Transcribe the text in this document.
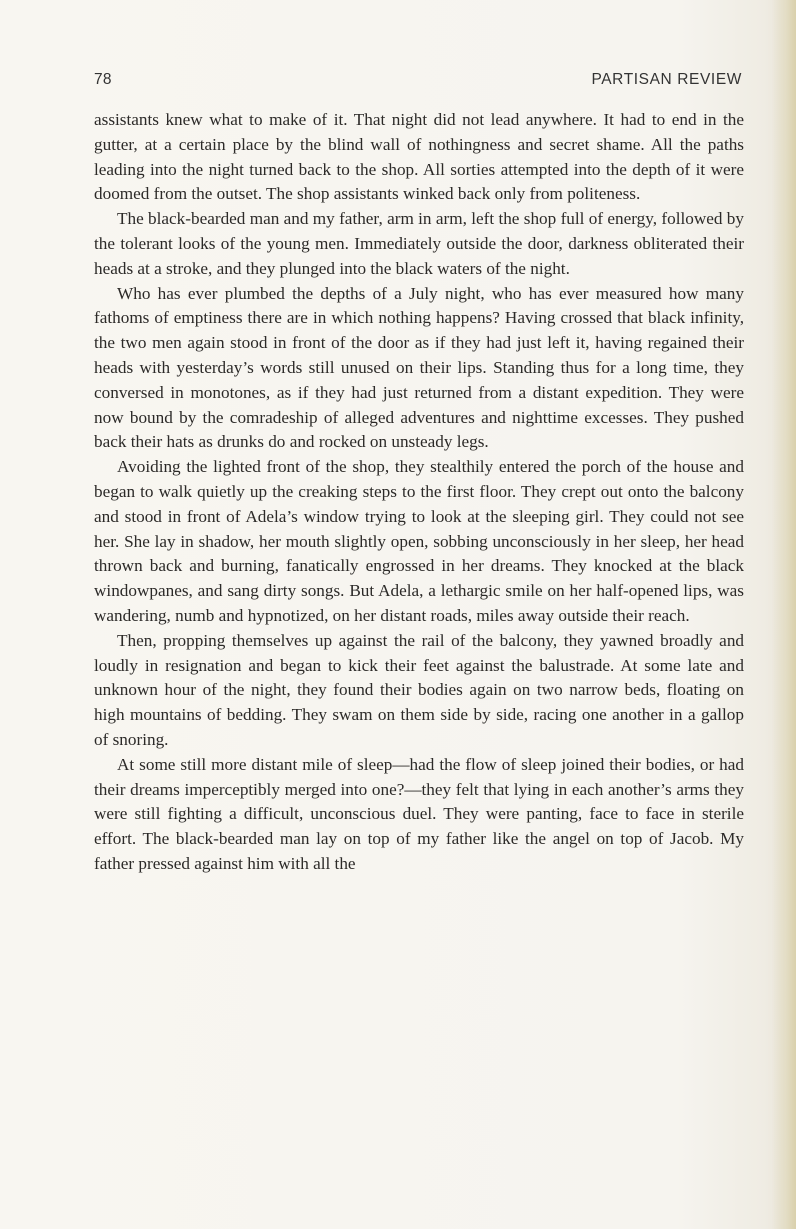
78	PARTISAN REVIEW

assistants knew what to make of it. That night did not lead anywhere. It had to end in the gutter, at a certain place by the blind wall of nothingness and secret shame. All the paths leading into the night turned back to the shop. All sorties attempted into the depth of it were doomed from the outset. The shop assistants winked back only from politeness.

The black-bearded man and my father, arm in arm, left the shop full of energy, followed by the tolerant looks of the young men. Immediately outside the door, darkness obliterated their heads at a stroke, and they plunged into the black waters of the night.

Who has ever plumbed the depths of a July night, who has ever measured how many fathoms of emptiness there are in which nothing happens? Having crossed that black infinity, the two men again stood in front of the door as if they had just left it, having regained their heads with yesterday’s words still unused on their lips. Standing thus for a long time, they conversed in monotones, as if they had just returned from a distant expedition. They were now bound by the comradeship of alleged adventures and nighttime excesses. They pushed back their hats as drunks do and rocked on unsteady legs.

Avoiding the lighted front of the shop, they stealthily entered the porch of the house and began to walk quietly up the creaking steps to the first floor. They crept out onto the balcony and stood in front of Adela’s window trying to look at the sleeping girl. They could not see her. She lay in shadow, her mouth slightly open, sobbing unconsciously in her sleep, her head thrown back and burning, fanatically engrossed in her dreams. They knocked at the black windowpanes, and sang dirty songs. But Adela, a lethargic smile on her half-opened lips, was wandering, numb and hypnotized, on her distant roads, miles away outside their reach.

Then, propping themselves up against the rail of the balcony, they yawned broadly and loudly in resignation and began to kick their feet against the balustrade. At some late and unknown hour of the night, they found their bodies again on two narrow beds, floating on high mountains of bedding. They swam on them side by side, racing one another in a gallop of snoring.

At some still more distant mile of sleep—had the flow of sleep joined their bodies, or had their dreams imperceptibly merged into one?—they felt that lying in each another’s arms they were still fighting a difficult, unconscious duel. They were panting, face to face in sterile effort. The black-bearded man lay on top of my father like the angel on top of Jacob. My father pressed against him with all the
